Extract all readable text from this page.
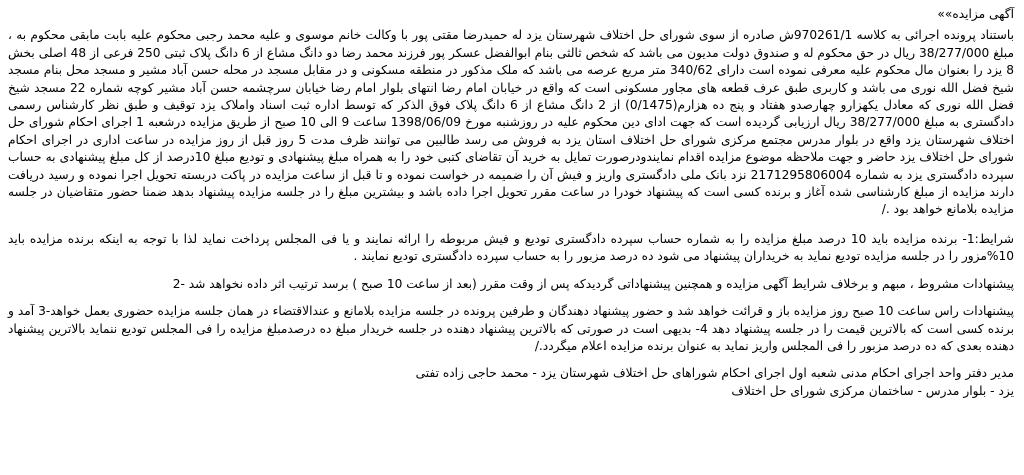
آگهی مزایده»»

باستناد پرونده اجرائی به کلاسه 970261/1ش صادره از سوی شورای حل اختلاف شهرستان یزد له حمیدرضا مقتی پور با وکالت خانم موسوی و علیه محمد رجبی محکوم علیه بابت مابقی محکوم به ، مبلغ 38/277/000 ریال در حق محکوم له و صندوق دولت مدیون می باشد که شخص ثالثی بنام ابوالفضل عسکر پور فرزند محمد رضا دو دانگ مشاع از 6 دانگ پلاک ثبتی 250 فرعی از 48 اصلی بخش 8 یزد را بعنوان مال محکوم علیه معرفی نموده است دارای 340/62 متر مربع عرصه می باشد که ملک مذکور در منطقه مسکونی و در مقابل مسجد در محله حسن آباد مشیر و مسجد محل بنام مسجد شیخ فضل الله نوری می باشد و کاربری طبق عرف قطعه های مجاور مسکونی است که واقع در خیابان امام رضا انتهای بلوار امام رضا خیابان سرچشمه حسن آباد مشیر کوچه شماره 22 مسجد شیخ فضل الله نوری که معادل یکهزارو چهارصدو هفتاد و پنج ده هزارم(0/1475) از 2 دانگ مشاع از 6 دانگ پلاک فوق الذکر که توسط اداره ثبت اسناد واملاک یزد توقیف و طبق نظر کارشناس رسمی دادگستری به مبلغ 38/277/000 ریال ارزیابی گردیده است که جهت ادای دین محکوم علیه در روزشنبه مورخ 1398/06/09 ساعت 9 الی 10 صبح از طریق مزایده درشعبه 1 اجرای احکام شورای حل اختلاف شهرستان یزد واقع در بلوار مدرس مجتمع مرکزی شورای حل اختلاف استان یزد به فروش می رسد طالبین می توانند ظرف مدت 5 روز قبل از روز مزایده در ساعت اداری در اجرای احکام شورای حل اختلاف یزد حاضر و جهت ملاحظه موضوع مزایده اقدام نمایندودرصورت تمایل به خرید آن تقاضای کتبی خود را به همراه مبلغ پیشنهادی و تودیع مبلغ 10درصد از کل مبلغ پیشنهادی به حساب سپرده دادگستری یزد به شماره 2171295806004 نزد بانک ملی دادگستری واریز و فیش آن را ضمیمه در خواست نموده و تا قبل از ساعت مزایده در پاکت دربسته تحویل اجرا نموده و رسید دریافت دارند مزایده از مبلغ کارشناسی شده آغاز و برنده کسی است که پیشنهاد خودرا در ساعت مقرر تحویل اجرا داده باشد و بیشترین مبلغ را در جلسه مزایده پیشنهاد بدهد ضمنا حضور متقاضیان در جلسه مزایده بلامانع خواهد بود ./

شرایط:1- برنده مزایده باید 10 درصد مبلغ مزایده را به شماره حساب سپرده دادگستری تودیع و فیش مربوطه را ارائه نمایند و یا فی المجلس پرداخت نماید لذا با توجه به اینکه برنده مزایده باید 10%مزور را در جلسه مزایده تودیع نماید به خریداران پیشنهاد می شود ده درصد مزبور را به حساب سپرده دادگستری تودیع نمایند .

پیشنهادات مشروط ، مبهم و برخلاف شرایط آگهی مزایده و همچنین پیشنهاداتی گردیدکه پس از وقت مقرر (بعد از ساعت 10 صبح ) برسد ترتیب اثر داده نخواهد شد -2

پیشنهادات راس ساعت 10 صبح روز مزایده باز و قرائت خواهد شد و حضور پیشنهاد دهندگان و طرفین پرونده در جلسه مزایده بلامانع و عندالاقتضاء در همان جلسه مزایده حضوری بعمل خواهد-3 آمد و برنده کسی است که بالاترین قیمت را در جلسه پیشنهاد دهد 4- بدیهی است در صورتی که بالاترین پیشنهاد دهنده در جلسه خریدار مبلغ ده درصدمبلغ مزایده را فی المجلس تودیع ننماید بالاترین پیشنهاد دهنده بعدی که ده درصد مزبور را فی المجلس واریز نماید به عنوان برنده مزایده اعلام میگردد./

مدیر دفتر واحد اجرای احکام مدنی شعبه اول اجرای احکام شوراهای حل اختلاف شهرستان یزد - محمد حاجی زاده تفتی

یزد - بلوار مدرس - ساختمان مرکزی شورای حل اختلاف
